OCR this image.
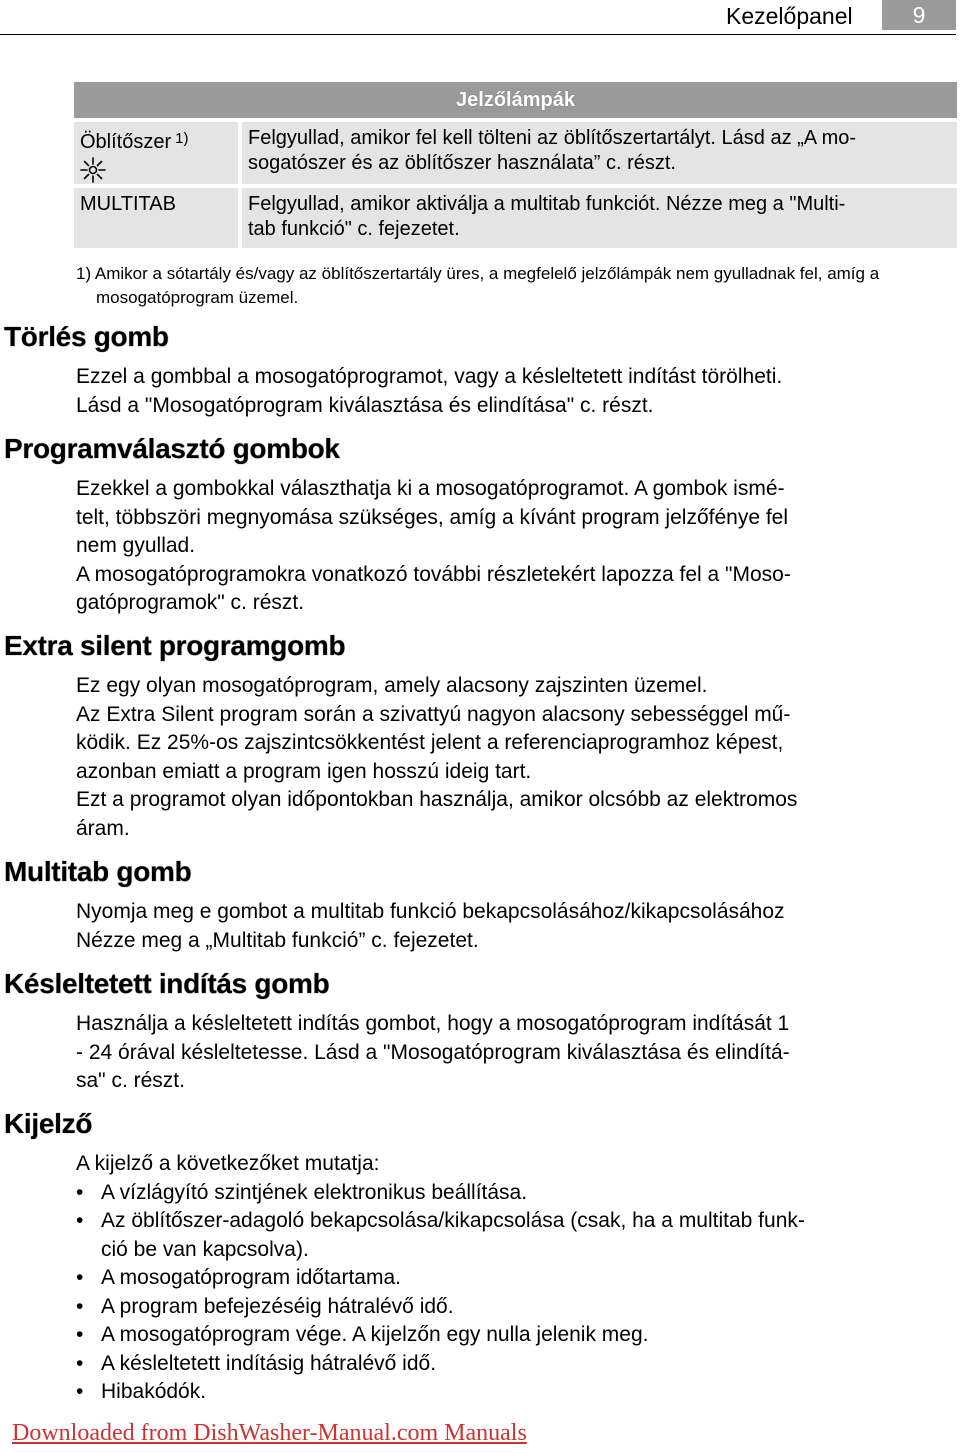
Kezelőpanel	9
Jelzőlámpák	
Öblítőszer $^{1)}$	Felgyullad, amikor fel kell tölteni az öblítőszertartályt. Lásd az „A mo-
sogatószer és az öblítőszer használata” c. részt.

MULTITAB	Felgyullad, amikor aktiválja a multitab funkciót. Nézze meg a "Multi-
tab funkció" c. fejezetet.
1) Amikor a sótartály és/vagy az öblítőszertartály üres, a megfelelő jelzőlámpák nem gyulladnak fel, amíg a mosogatóprogram üzemel.
Törlés gomb

Ezzel a gombbal a mosogatóprogramot, vagy a késleltetett indítást törölheti.

Lásd a "Mosogatóprogram kiválasztása és elindítása" c. részt.

Programválasztó gombok

Ezekkel a gombokkal választhatja ki a mosogatóprogramot. A gombok ismé-

telt, többszöri megnyomása szükséges, amíg a kívánt program jelzőfénye fel

nem gyullad.

A mosogatóprogramokra vonatkozó további részletekért lapozza fel a "Moso-

gatóprogramok" c. részt.

Extra silent programgomb

Ez egy olyan mosogatóprogram, amely alacsony zajszinten üzemel.

Az Extra Silent program során a szivattyú nagyon alacsony sebességgel mű-

ködik. Ez 25%-os zajszintcsökkentést jelent a referenciaprogramhoz képest,

azonban emiatt a program igen hosszú ideig tart.

Ezt a programot olyan időpontokban használja, amikor olcsóbb az elektromos

áram.

Multitab gomb

Nyomja meg e gombot a multitab funkció bekapcsolásához/kikapcsolásához

Nézze meg a „Multitab funkció” c. fejezetet.

Késleltetett indítás gomb

Használja a késleltetett indítás gombot, hogy a mosogatóprogram indítását 1

- 24 órával késleltetesse. Lásd a "Mosogatóprogram kiválasztása és elindítá-

sa" c. részt.

Kijelző

A kijelző a következőket mutatja:

• A vízlágyító szintjének elektronikus beállítása.
• Az öblítőszer-adagoló bekapcsolása/kikapcsolása (csak, ha a multitab funk-
ció be van kapcsolva).
• A mosogatóprogram időtartama.
• A program befejezéséig hátralévő idő.
• A mosogatóprogram vége. A kijelzőn egy nulla jelenik meg.
• A késleltetett indításig hátralévő idő.
• Hibakódók.
Downloaded from DishWasher-Manual.com Manuals
